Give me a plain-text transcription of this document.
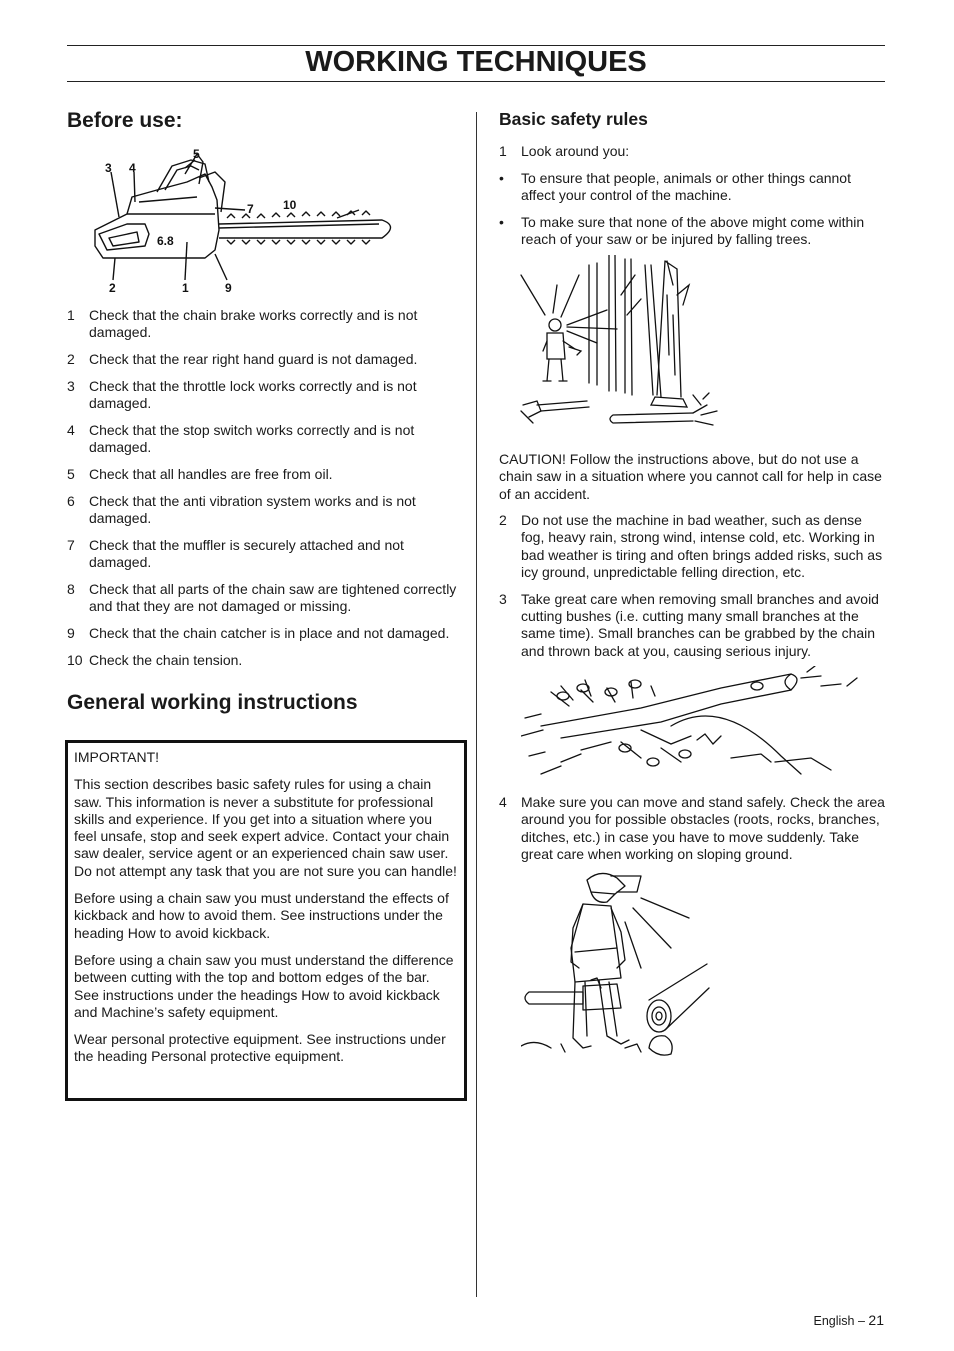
WORKING TECHNIQUES
Before use:
3 4
5
7 10
6.8
2	1	9
1 Check that the chain brake works correctly and is not damaged.
2 Check that the rear right hand guard is not damaged.
3 Check that the throttle lock works correctly and is not damaged.
4 Check that the stop switch works correctly and is not damaged.
5 Check that all handles are free from oil.
6 Check that the anti vibration system works and is not damaged.
7 Check that the muffler is securely attached and not damaged.
8 Check that all parts of the chain saw are tightened correctly and that they are not damaged or missing.
9 Check that the chain catcher is in place and not damaged.
10 Check the chain tension.
General working instructions

IMPORTANT!

This section describes basic safety rules for using a chain saw. This information is never a substitute for professional skills and experience. If you get into a situation where you feel unsafe, stop and seek expert advice. Contact your chain saw dealer, service agent or an experienced chain saw user. Do not attempt any task that you are not sure you can handle!

Before using a chain saw you must understand the effects of kickback and how to avoid them. See instructions under the heading How to avoid kickback.

Before using a chain saw you must understand the difference between cutting with the top and bottom edges of the bar. See instructions under the headings How to avoid kickback and Machine’s safety equipment.

Wear personal protective equipment. See instructions under the heading Personal protective equipment.

Basic safety rules
1 Look around you:
• To ensure that people, animals or other things cannot affect your control of the machine.
• To make sure that none of the above might come within reach of your saw or be injured by falling trees.

CAUTION! Follow the instructions above, but do not use a chain saw in a situation where you cannot call for help in case of an accident.

2 Do not use the machine in bad weather, such as dense fog, heavy rain, strong wind, intense cold, etc. Working in bad weather is tiring and often brings added risks, such as icy ground, unpredictable felling direction, etc.
3 Take great care when removing small branches and avoid cutting bushes (i.e. cutting many small branches at the same time). Small branches can be grabbed by the chain and thrown back at you, causing serious injury.
4 Make sure you can move and stand safely. Check the area around you for possible obstacles (roots, rocks, branches, ditches, etc.) in case you have to move suddenly. Take great care when working on sloping ground.
English – 21
